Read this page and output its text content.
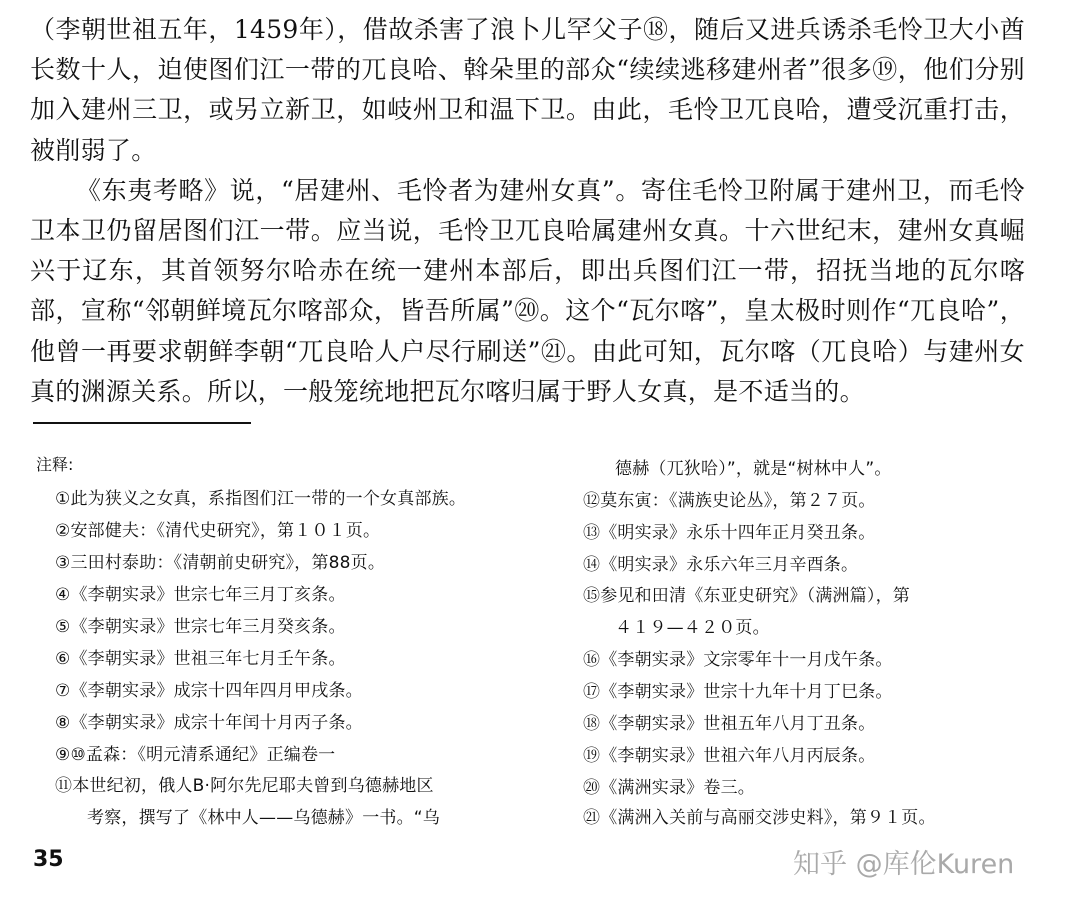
（李朝世祖五年，1459年），借故杀害了浪卜儿罕父子⑱，随后又进兵诱杀毛怜卫大小酋长数十人，迫使图们江一带的兀良哈、斡朵里的部众“续续逃移建州者”很多⑲，他们分别加入建州三卫，或另立新卫，如岐州卫和温下卫。由此，毛怜卫兀良哈，遭受沉重打击，被削弱了。

《东夷考略》说，“居建州、毛怜者为建州女真”。寄住毛怜卫附属于建州卫，而毛怜卫本卫仍留居图们江一带。应当说，毛怜卫兀良哈属建州女真。十六世纪末，建州女真崛兴于辽东，其首领努尔哈赤在统一建州本部后，即出兵图们江一带，招抚当地的瓦尔喀部，宣称“邻朝鲜境瓦尔喀部众，皆吾所属”⑳。这个“瓦尔喀”，皇太极时则作“兀良哈”，他曾一再要求朝鲜李朝“兀良哈人户尽行刷送”㉑。由此可知，瓦尔喀（兀良哈）与建州女真的渊源关系。所以，一般笼统地把瓦尔喀归属于野人女真，是不适当的。

注释:
①此为狭义之女真，系指图们江一带的一个女真部族。
②安部健夫：《清代史研究》，第１０１页。
③三田村泰助：《清朝前史研究》，第88页。
④《李朝实录》世宗七年三月丁亥条。
⑤《李朝实录》世宗七年三月癸亥条。
⑥《李朝实录》世祖三年七月壬午条。
⑦《李朝实录》成宗十四年四月甲戌条。
⑧《李朝实录》成宗十年闰十月丙子条。
⑨⑩孟森：《明元清系通纪》正编卷一
⑪本世纪初，俄人B·阿尔先尼耶夫曾到乌德赫地区
考察，撰写了《林中人——乌德赫》一书。“乌
德赫（兀狄哈）”，就是“树林中人”。
⑫莫东寅：《满族史论丛》，第２７页。
⑬《明实录》永乐十四年正月癸丑条。
⑭《明实录》永乐六年三月辛酉条。
⑮参见和田清《东亚史研究》（满洲篇），第
４１９—４２０页。
⑯《李朝实录》文宗零年十一月戊午条。
⑰《李朝实录》世宗十九年十月丁巳条。
⑱《李朝实录》世祖五年八月丁丑条。
⑲《李朝实录》世祖六年八月丙辰条。
⑳《满洲实录》卷三。
㉑《满洲入关前与高丽交涉史料》，第９１页。
35	知乎 @库伦Kuren
